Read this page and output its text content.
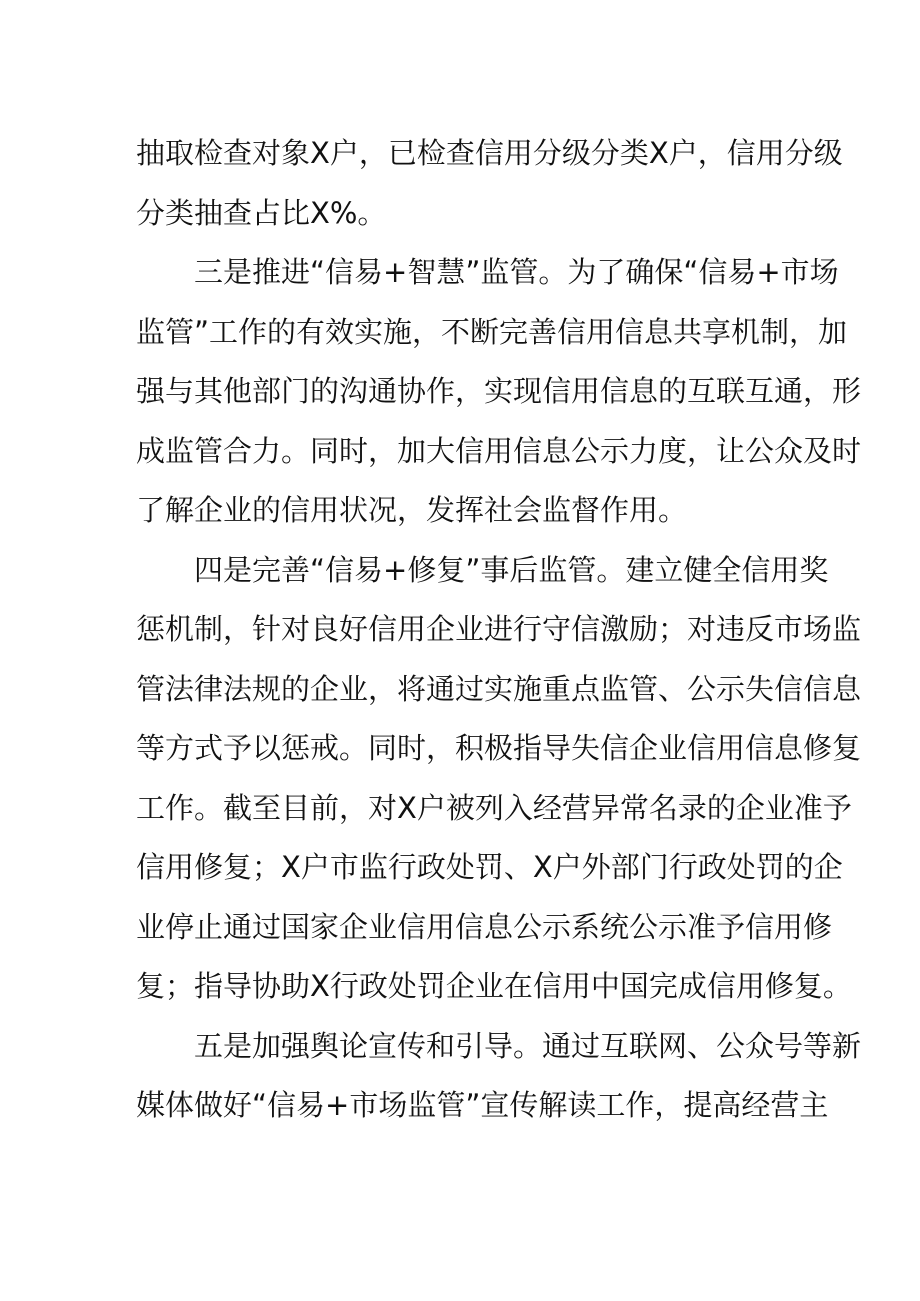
抽取检查对象X户，已检查信用分级分类X户，信用分级
分类抽查占比X%。
三是推进“信易+智慧”监管。为了确保“信易+市场
监管”工作的有效实施，不断完善信用信息共享机制，加
强与其他部门的沟通协作，实现信用信息的互联互通，形
成监管合力。同时，加大信用信息公示力度，让公众及时
了解企业的信用状况，发挥社会监督作用。
四是完善“信易+修复”事后监管。建立健全信用奖
惩机制，针对良好信用企业进行守信激励；对违反市场监
管法律法规的企业，将通过实施重点监管、公示失信信息
等方式予以惩戒。同时，积极指导失信企业信用信息修复
工作。截至目前，对X户被列入经营异常名录的企业准予
信用修复；X户市监行政处罚、X户外部门行政处罚的企
业停止通过国家企业信用信息公示系统公示准予信用修
复；指导协助X行政处罚企业在信用中国完成信用修复。
五是加强舆论宣传和引导。通过互联网、公众号等新
媒体做好“信易+市场监管”宣传解读工作，提高经营主
